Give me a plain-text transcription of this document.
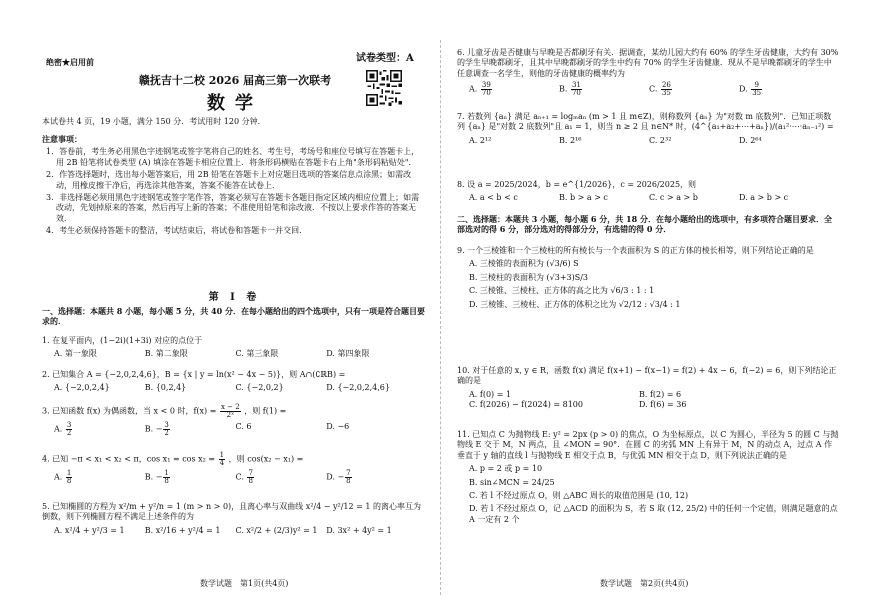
绝密★启用前	试卷类型：A
赣抚吉十二校 2026 届高三第一次联考
数学
本试卷共 4 页，19 小题，满分 150 分．考试用时 120 分钟．

注意事项：

1．答卷前，考生务必用黑色字迹钢笔或签字笔将自己的姓名、考生号，考场号和座位号填写在答题卡上，用 2B 铅笔将试卷类型 (A) 填涂在答题卡相应位置上．将条形码横贴在答题卡右上角"条形码粘贴处"．

2．作答选择题时，选出每小题答案后，用 2B 铅笔在答题卡上对应题目选项的答案信息点涂黑；如需改动，用橡皮擦干净后，再选涂其他答案，答案不能答在试卷上．

3．非选择题必须用黑色字迹钢笔或签字笔作答，答案必须写在答题卡各题目指定区域内相应位置上；如需改动，先划掉原来的答案，然后再写上新的答案；不准使用铅笔和涂改液．不按以上要求作答的答案无效．

4．考生必须保持答题卡的整洁，考试结束后，将试卷和答题卡一并交回．

第 Ⅰ 卷
一、选择题：本题共 8 小题，每小题 5 分，共 40 分．在每小题给出的四个选项中，只有一项是符合题目要求的．

1. 在复平面内，(1−2i)(1+3i) 对应的点位于

A. 第一象限	B. 第二象限	C. 第三象限	D. 第四象限

2. 已知集合 A = {−2,0,2,4,6}，B = {x | y = ln(x² − 4x − 5)}，则 A∩(∁ℝB) =

A. {−2,0,2,4}	B. {0,2,4}	C. {−2,0,2}	D. {−2,0,2,4,6}

3. 已知函数 f(x) 为偶函数，当 x < 0 时，$f(x) = \frac{x - 2}{\text{2ˣ}}$ ，则 f(1) =

A. $\frac{3}{2}$	B. − $\frac{3}{2}$	C. 6	D. −6

4. 已知 −π < x₁ < x₂ < π，$\cos x_1 = \cos x_2 = \frac{1}{4}$ ，则 cos(x₂ − x₁) =

A. $\frac{1}{8}$	B. − $\frac{1}{8}$	C. $\frac{7}{8}$	D. − $\frac{7}{8}$

5. 已知椭圆的方程为 x²/m + y²/n = 1 (m > n > 0)，且离心率与双曲线 x²/4 − y²/12 = 1 的离心率互为倒数，则下列椭圆方程不满足上述条件的为

A. x²/4 + y²/3 = 1	B. x²/16 + y²/4 = 1	C. x²/2 + (2/3)y² = 1	D. 3x² + 4y² = 1
数学试题　第1页(共4页)

6. 儿童牙齿是否健康与早晚是否都刷牙有关．据调查，某幼儿园大约有 60% 的学生牙齿健康，大约有 30% 的学生早晚都刷牙，且其中早晚都刷牙的学生中约有 70% 的学生牙齿健康．现从不是早晚都刷牙的学生中任意调查一名学生，则他的牙齿健康的概率约为

A. $\frac{39}{70}$	B. $\frac{31}{70}$	C. $\frac{26}{35}$	D. $\frac{9}{35}$

7. 若数列 {aₙ} 满足 aₙ₊₁ = logₘaₙ (m > 1 且 m∈Z)，则称数列 {aₙ} 为"对数 m 底数列"．已知正项数列 {aₙ} 是"对数 2 底数列"且 a₁ = 1，则当 n ≥ 2 且 n∈N* 时，(4^{a₁+a₂+⋯+aₙ})/(a₁²·⋯·aₙ₋₁²) =

A. 2¹²	B. 2¹⁶	C. 2³²	D. 2⁶⁴

8. 设 a = 2025/2024，b = e^{1/2026}，c = 2026/2025，则

A. a < b < c	B. b > a > c	C. c > a > b	D. a > b > c
二、选择题：本题共 3 小题，每小题 6 分，共 18 分．在每小题给出的选项中，有多项符合题目要求．全部选对的得 6 分，部分选对的得部分分，有选错的得 0 分．

9. 一个三棱锥和一个三棱柱的所有棱长与一个表面积为 S 的正方体的棱长相等，则下列结论正确的是

A. 三棱锥的表面积为 (√3/6) S

B. 三棱柱的表面积为 (√3+3)S/3

C. 三棱锥、三棱柱、正方体的高之比为 √6/3 : 1 : 1

D. 三棱锥、三棱柱、正方体的体积之比为 √2/12 : √3/4 : 1

10. 对于任意的 x, y ∈ R，函数 f(x) 满足 f(x+1) − f(x−1) = f(2) + 4x − 6，f(−2) = 6，则下列结论正确的是

A. f(0) = 1	B. f(2) = 6
C. f(2026) − f(2024) = 8100	D. f(6) = 36

11. 已知点 C 为抛物线 E: y² = 2px (p > 0) 的焦点，O 为坐标原点，以 C 为圆心，半径为 5 的圆 C 与抛物线 E 交于 M，N 两点，且 ∠MON = 90°．在圆 C 的劣弧 MN 上有异于 M，N 的动点 A，过点 A 作垂直于 y 轴的直线 l 与抛物线 E 相交于点 B，与优弧 MN 相交于点 D，则下列说法正确的是

A. p = 2 或 p = 10

B. sin∠MCN = 24/25

C. 若 l 不经过原点 O，则 △ABC 周长的取值范围是 (10, 12)

D. 若 l 不经过原点 O，记 △ACD 的面积为 S，若 S 取 (12, 25/2) 中的任何一个定值，则满足题意的点 A 一定有 2 个

数学试题　第2页(共4页)
